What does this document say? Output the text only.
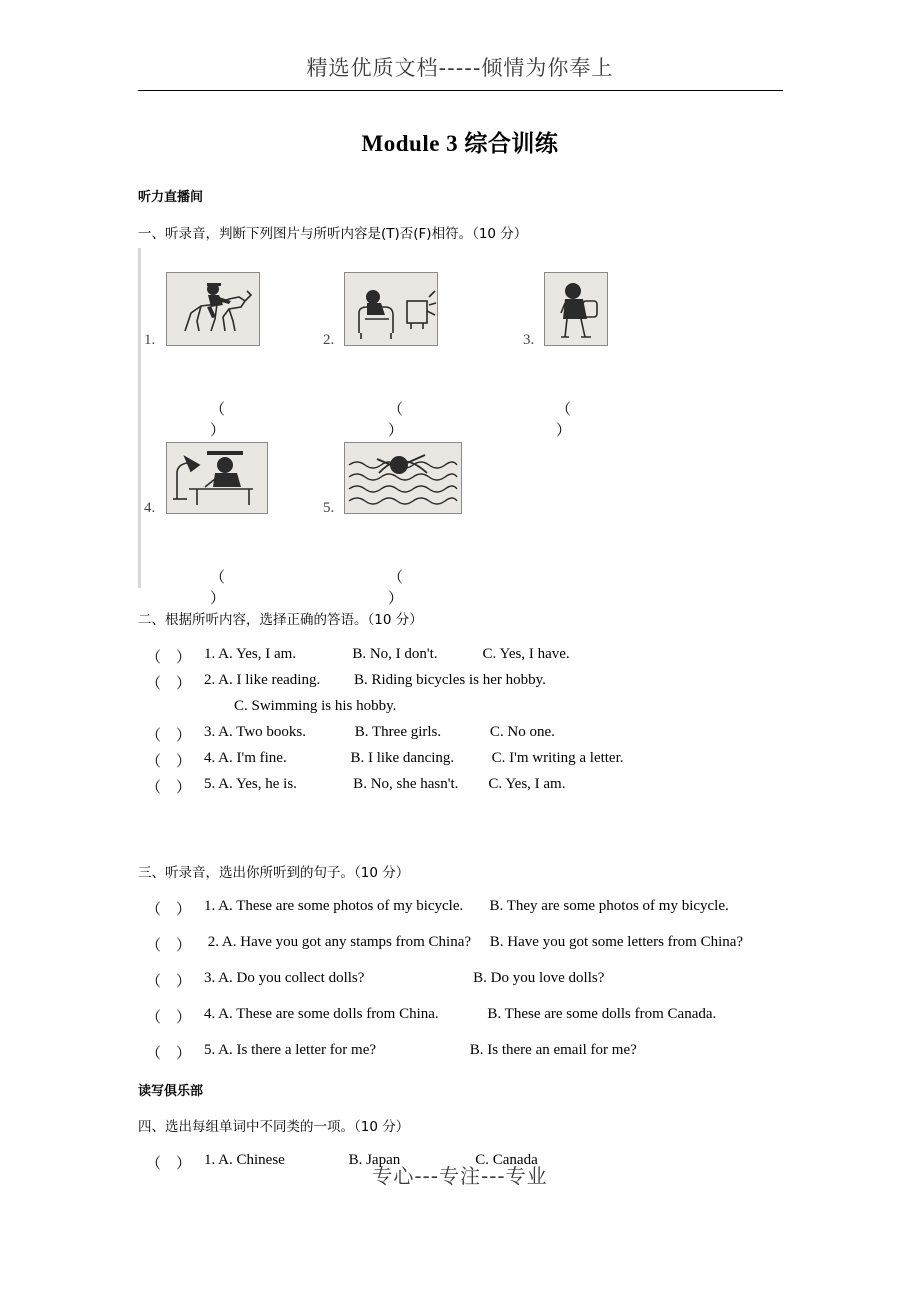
精选优质文档-----倾情为你奉上
Module 3 综合训练
听力直播间
一、听录音，判断下列图片与所听内容是(T)否(F)相符。（10 分）
1.
（ ）
2.
（ ）
3.
（ ）
4.
（ ）
5.
（ ）
二、根据所听内容，选择正确的答语。（10 分）
（    ） 1. A. Yes, I am.               B. No, I don't.            C. Yes, I have.
（    ） 2. A. I like reading.         B. Riding bicycles is her hobby.
C. Swimming is his hobby.
（    ） 3. A. Two books.             B. Three girls.             C. No one.
（    ） 4. A. I'm fine.                 B. I like dancing.          C. I'm writing a letter.
（    ） 5. A. Yes, he is.               B. No, she hasn't.        C. Yes, I am.
三、听录音，选出你所听到的句子。（10 分）
（    ） 1. A. These are some photos of my bicycle.       B. They are some photos of my bicycle.
（    ） 2. A. Have you got any stamps from China?     B. Have you got some letters from China?
（    ） 3. A. Do you collect dolls?                             B. Do you love dolls?
（    ） 4. A. These are some dolls from China.             B. These are some dolls from Canada.
（    ） 5. A. Is there a letter for me?                         B. Is there an email for me?
读写俱乐部
四、选出每组单词中不同类的一项。（10 分）
（    ） 1. A. Chinese                 B. Japan                    C. Canada
专心---专注---专业
